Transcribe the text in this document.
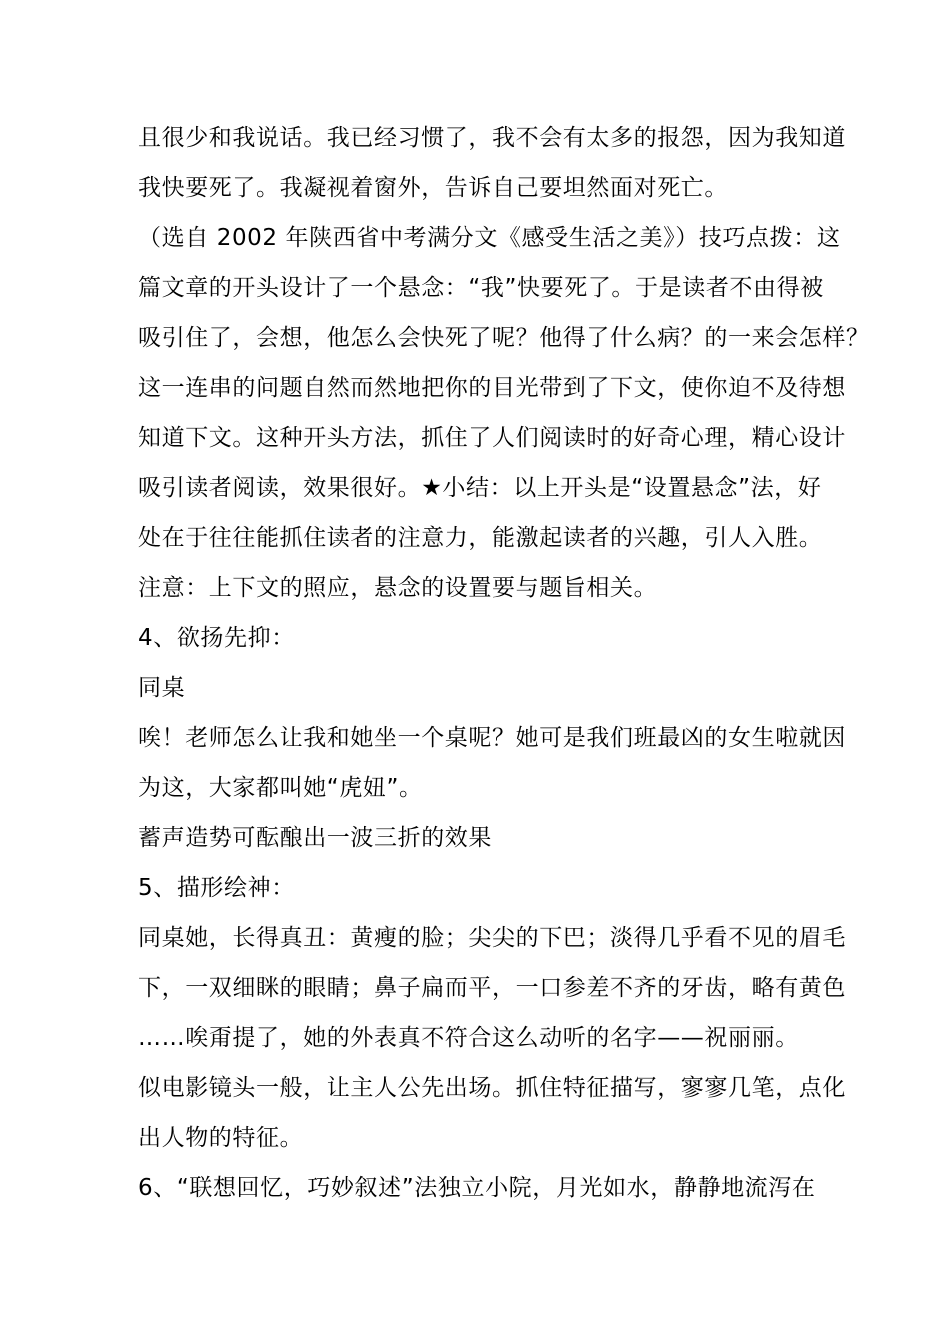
且很少和我说话。我已经习惯了，我不会有太多的报怨，因为我知道
我快要死了。我凝视着窗外，告诉自己要坦然面对死亡。
（选自 2002 年陕西省中考满分文《感受生活之美》）技巧点拨：这
篇文章的开头设计了一个悬念：“我”快要死了。于是读者不由得被
吸引住了，会想，他怎么会快死了呢？他得了什么病？的一来会怎样？
这一连串的问题自然而然地把你的目光带到了下文，使你迫不及待想
知道下文。这种开头方法，抓住了人们阅读时的好奇心理，精心设计
吸引读者阅读，效果很好。★小结：以上开头是“设置悬念”法，好
处在于往往能抓住读者的注意力，能激起读者的兴趣，引人入胜。
注意：上下文的照应，悬念的设置要与题旨相关。
4、欲扬先抑：
同桌
唉！老师怎么让我和她坐一个桌呢？她可是我们班最凶的女生啦就因
为这，大家都叫她“虎妞”。
蓄声造势可酝酿出一波三折的效果
5、描形绘神：
同桌她，长得真丑：黄瘦的脸；尖尖的下巴；淡得几乎看不见的眉毛
下，一双细眯的眼睛；鼻子扁而平，一口参差不齐的牙齿，略有黄色
……唉甭提了，她的外表真不符合这么动听的名字——祝丽丽。
似电影镜头一般，让主人公先出场。抓住特征描写，寥寥几笔，点化
出人物的特征。
6、“联想回忆，巧妙叙述”法独立小院，月光如水，静静地流泻在
